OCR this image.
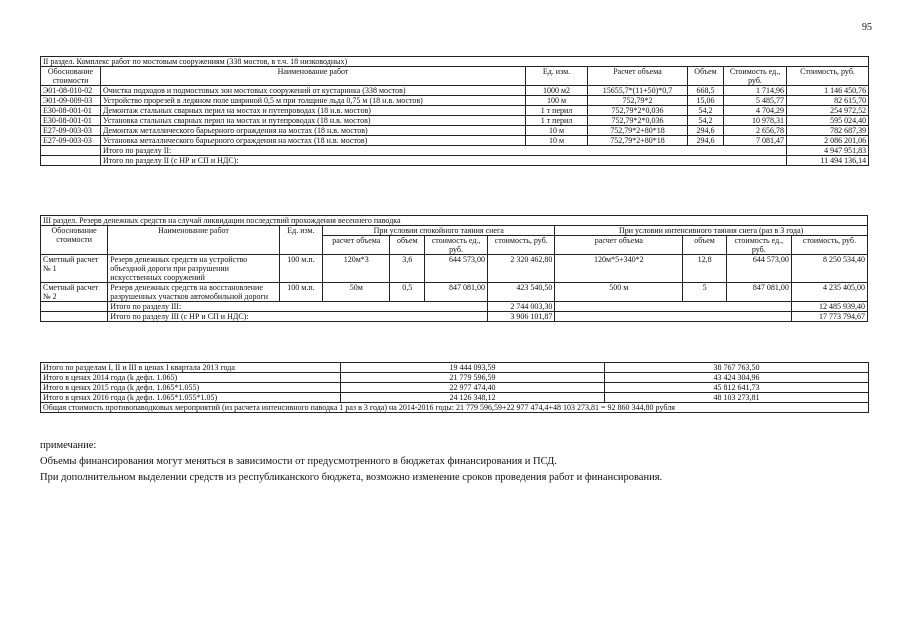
95
II раздел. Комплекс работ по мостовым сооружениям (338 мостов, в т.ч. 18 низководных)						
Обоснование стоимости	Наименование работ	Ед. изм.	Расчет объема	Объем	Стоимость ед., руб.	Стоимость, руб.
Э01-08-010-02	Очистка подходов и подмостовых зон мостовых сооружений от кустарника (338 мостов)	1000 м2	15655,7*(11+50)*0,7	668,5	1 714,96	1 146 450,76
Э01-09-009-03	Устройство прорезей в ледяном поле шириной 0,5 м при толщине льда 0,75 м (18 н.в. мостов)	100 м	752,79*2	15,06	5 485,77	82 615,70
Е30-08-001-01	Демонтаж стальных сварных перил на мостах и путепроводах (18 н.в. мостов)	1 т перил	752,79*2*0,036	54,2	4 704,29	254 972,52
Е30-08-001-01	Установка стальных сварных перил на мостах и путепроводах (18 н.в. мостов)	1 т перил	752,79*2*0,036	54,2	10 978,31	595 024,40
Е27-09-003-03	Демонтаж металлического барьерного ограждения на мостах (18 н.в. мостов)	10 м	752,79*2+80*18	294,6	2 656,78	782 687,39
Е27-09-003-03	Установка металлического барьерного ограждения на мостах (18 н.в. мостов)	10 м	752,79*2+80*18	294,6	7 081,47	2 086 201,06
	Итого по разделу II:					4 947 951,83
	Итого по разделу II (с НР и СП и НДС):					11 494 136,14
III раздел. Резерв денежных средств на случай ликвидации последствий прохождения весеннего паводка										
Обоснование стоимости	Наименование работ	Ед. изм.	При условии спокойного таяния снега				При условии интенсивного таяния снега (раз в 3 года)			
			расчет объема	объем	стоимость ед., руб.	стоимость, руб.	расчет объема	объем	стоимость ед., руб.	стоимость, руб.
Сметный расчет № 1	Резерв денежных средств на устройство объездной дороги при разрушении искусственных сооружений	100 м.п.	120м*3	3,6	644 573,00	2 320 462,80	120м*5+340*2	12,8	644 573,00	8 250 534,40
Сметный расчет № 2	Резерв денежных средств на восстановление разрушенных участков автомобильной дороги	100 м.п.	50м	0,5	847 081,00	423 540,50	500 м	5	847 081,00	4 235 405,00
	Итого по разделу III:					2 744 003,30				12 485 939,40
	Итого по разделу III (с НР и СП и НДС):					3 906 101,87				17 773 794,67
Итого по разделам I, II и III в ценах I квартала 2013 года	19 444 093,59	38 767 763,50
Итого в ценах 2014 года (k дефл. 1.065)	21 779 596,59	43 424 304,96
Итого в ценах 2015 года (k дефл. 1.065*1.055)	22 977 474,40	45 812 641,73
Итого в ценах 2016 года (k дефл. 1.065*1.055*1.05)	24 126 348,12	48 103 273,81
Общая стоимость противопаводковых мероприятий (из расчета интенсивного паводка 1 раз в 3 года) на 2014-2016 годы: 21 779 596,59+22 977 474,4+48 103 273,81 = 92 860 344,80 рубля		
примечание:
Объемы финансирования могут меняться в зависимости от предусмотренного в бюджетах финансирования и ПСД.
При дополнительном выделении средств из республиканского бюджета, возможно изменение сроков проведения работ и финансирования.
